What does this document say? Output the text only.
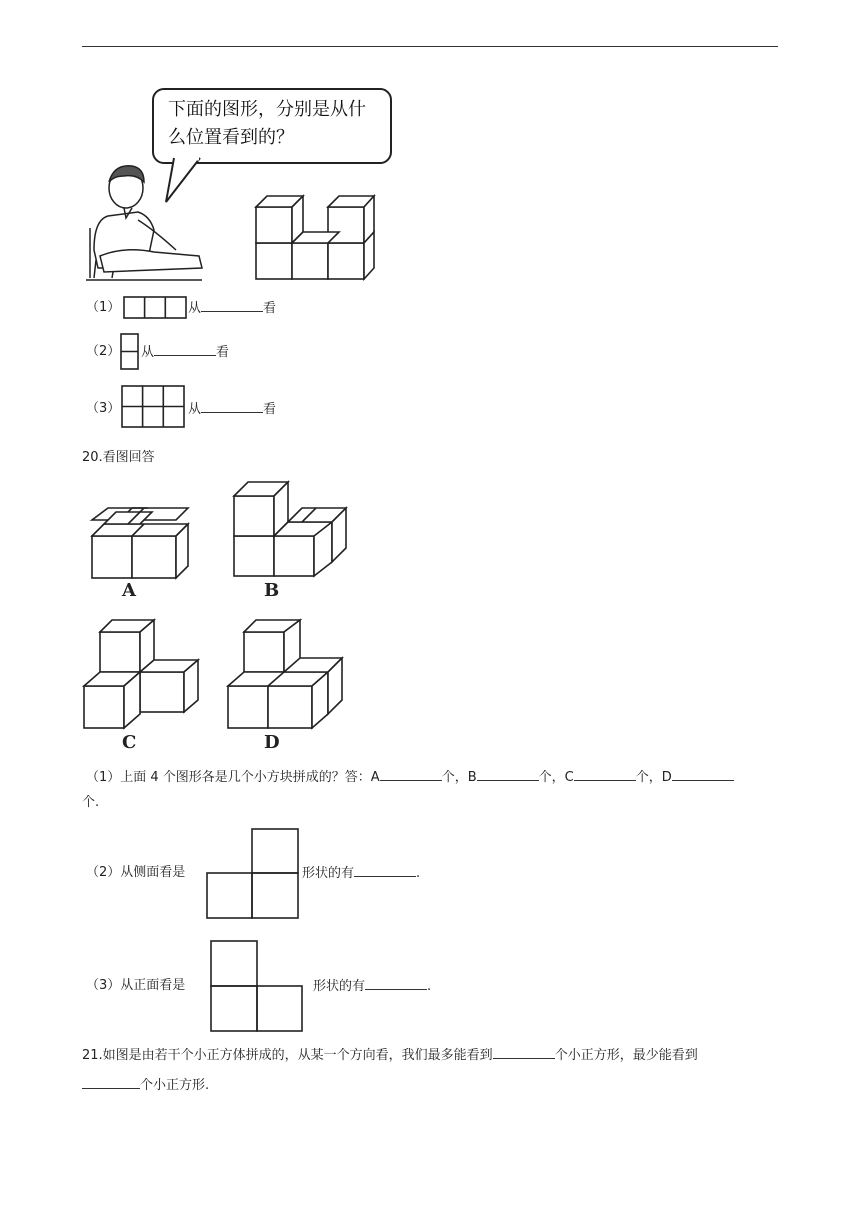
下面的图形，分别是从什么位置看到的？
（1）	从	看
（2） 从	看
（3）	从	看
20.看图回答
A	B
C	D
（1）上面 4 个图形各是几个小方块拼成的？答：A	个，B	个，C	个，D
个.
（2）从侧面看是	形状的有	.
（3）从正面看是	形状的有	.
21.如图是由若干个小正方体拼成的，从某一个方向看，我们最多能看到	个小正方形，最少能看到
个小正方形.
